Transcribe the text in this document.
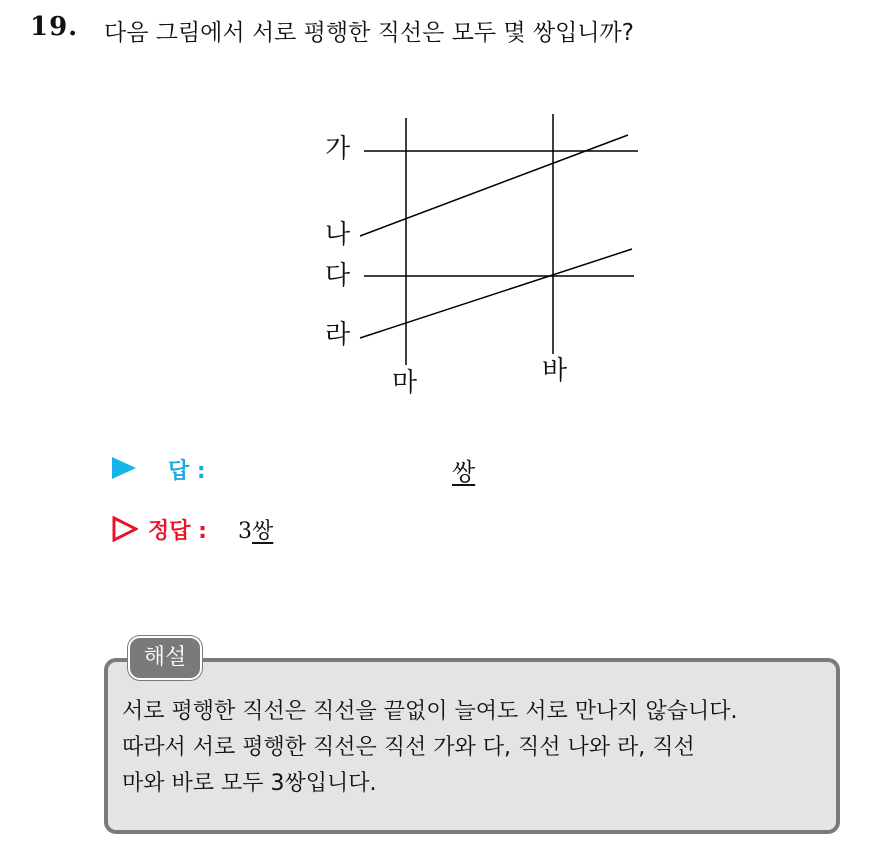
19. 다음 그림에서 서로 평행한 직선은 모두 몇 쌍입니까?
가
나
다
라
마	바
답 :	쌍
정답 : 3쌍
해설
서로 평행한 직선은 직선을 끝없이 늘여도 서로 만나지 않습니다.
따라서 서로 평행한 직선은 직선 가와 다, 직선 나와 라, 직선
마와 바로 모두 3쌍입니다.
